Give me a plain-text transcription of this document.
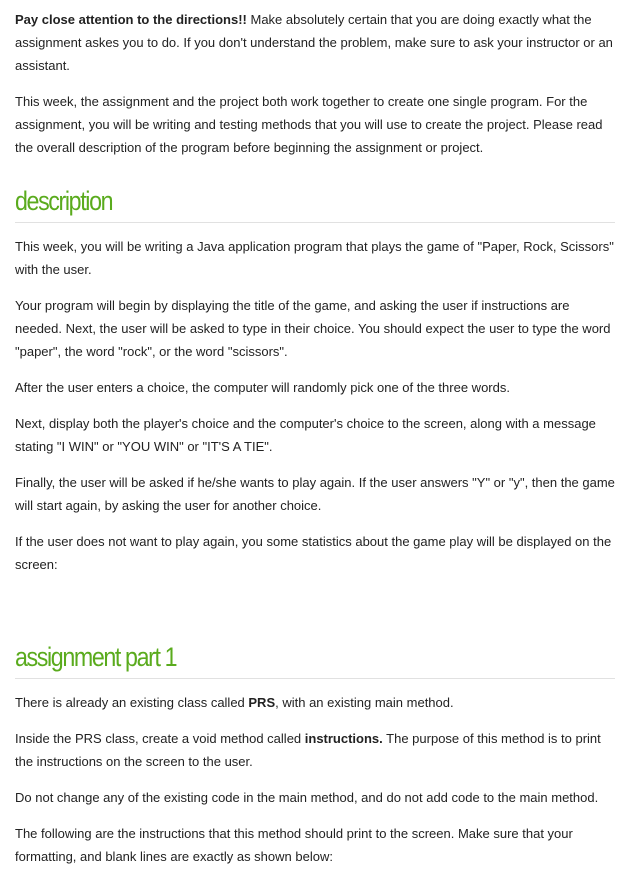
Pay close attention to the directions!! Make absolutely certain that you are doing exactly what the assignment askes you to do. If you don't understand the problem, make sure to ask your instructor or an assistant.

This week, the assignment and the project both work together to create one single program. For the assignment, you will be writing and testing methods that you will use to create the project. Please read the overall description of the program before beginning the assignment or project.

description

This week, you will be writing a Java application program that plays the game of "Paper, Rock, Scissors" with the user.

Your program will begin by displaying the title of the game, and asking the user if instructions are needed. Next, the user will be asked to type in their choice. You should expect the user to type the word "paper", the word "rock", or the word "scissors".

After the user enters a choice, the computer will randomly pick one of the three words.

Next, display both the player's choice and the computer's choice to the screen, along with a message stating "I WIN" or "YOU WIN" or "IT'S A TIE".

Finally, the user will be asked if he/she wants to play again. If the user answers "Y" or "y", then the game will start again, by asking the user for another choice.

If the user does not want to play again, you some statistics about the game play will be displayed on the screen:

assignment part 1

There is already an existing class called PRS, with an existing main method.

Inside the PRS class, create a void method called instructions. The purpose of this method is to print the instructions on the screen to the user.

Do not change any of the existing code in the main method, and do not add code to the main method.

The following are the instructions that this method should print to the screen. Make sure that your formatting, and blank lines are exactly as shown below:
